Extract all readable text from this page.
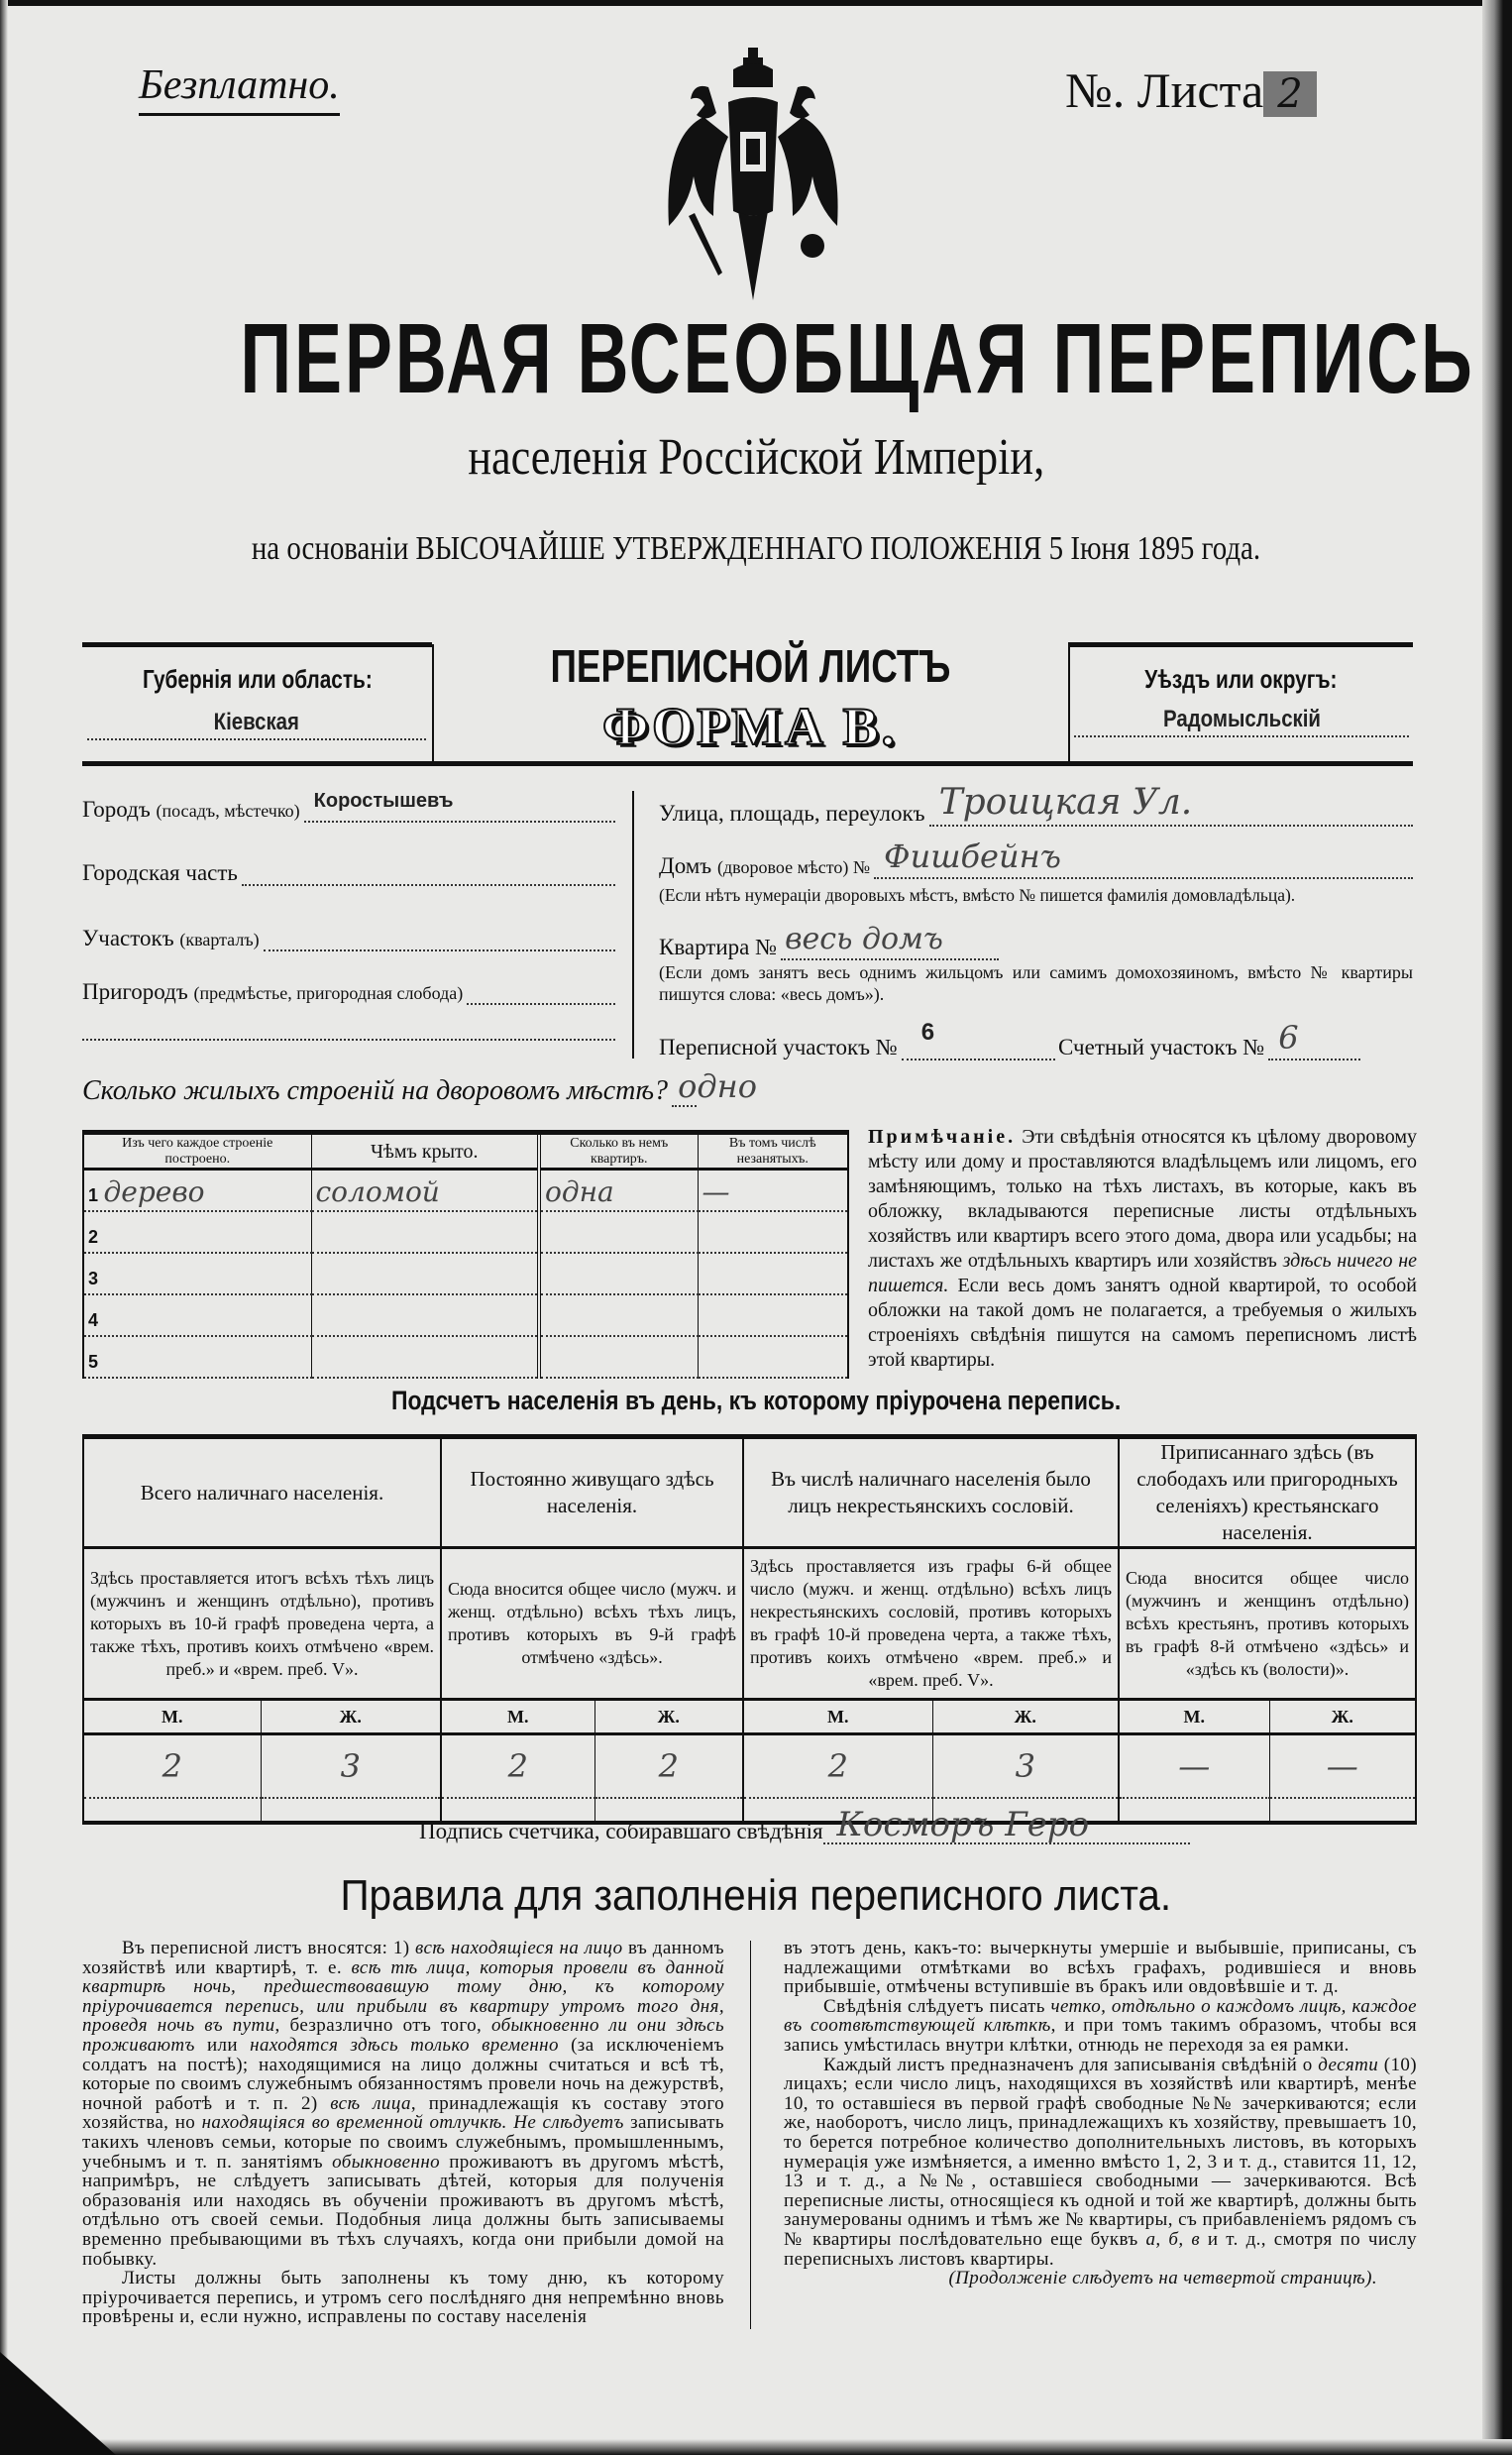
Безплатно.	№. Листа 2
ПЕРВАЯ ВСЕОБЩАЯ ПЕРЕПИСЬ
населенія Россійской Имперіи,
на основаніи ВЫСОЧАЙШЕ УТВЕРЖДЕННАГО ПОЛОЖЕНІЯ 5 Іюня 1895 года.
Губернія или область:
Кіевская
ПЕРЕПИСНОЙ ЛИСТЪ
ФОРМА В.
Уѣздъ или округъ:
Радомысльскій
Городъ (посадъ, мѣстечко) Коростышевъ
Городская часть
Участокъ (кварталъ)
Пригородъ (предмѣстье, пригородная слобода)
Улица, площадь, переулокъ Троицкая Ул.
Домъ (дворовое мѣсто) № Фишбейнъ
(Если нѣтъ нумераціи дворовыхъ мѣстъ, вмѣсто № пишется фамилія домовладѣльца).
Квартира № весь домъ
(Если домъ занятъ весь однимъ жильцомъ или самимъ домохозяиномъ, вмѣсто № квартиры пишутся слова: «весь домъ»).
Переписной участокъ №
6
Счетный участокъ № 6
Сколько жилыхъ строеній на дворовомъ мѣстѣ? одно
Изъ чего каждое строеніе построено.	Чѣмъ крыто.	Сколько въ немъ квартиръ.	Въ томъ числѣ незанятыхъ.
1 дерево	соломой	одна	—
2			
3			
4			
5			
Примѣчаніе. Эти свѣдѣнія относятся къ цѣлому дворовому мѣсту или дому и проставляются владѣльцемъ или лицомъ, его замѣняющимъ, только на тѣхъ листахъ, въ которые, какъ въ обложку, вкладываются переписные листы отдѣльныхъ хозяйствъ или квартиръ всего этого дома, двора или усадьбы; на листахъ же отдѣльныхъ квартиръ или хозяйствъ здѣсь ничего не пишется. Если весь домъ занятъ одной квартирой, то особой обложки на такой домъ не полагается, а требуемыя о жилыхъ строеніяхъ свѣдѣнія пишутся на самомъ переписномъ листѣ этой квартиры.
Подсчетъ населенія въ день, къ которому пріурочена перепись.
Всего наличнаго населенія.		Постоянно живущаго здѣсь населенія.		Въ числѣ наличнаго населенія было лицъ некрестьянскихъ сословій.		Приписаннаго здѣсь (въ слободахъ или пригородныхъ селеніяхъ) крестьянскаго населенія.	
Здѣсь проставляется итогъ всѣхъ тѣхъ лицъ (мужчинъ и женщинъ отдѣльно), противъ которыхъ въ 10-й графѣ проведена черта, а также тѣхъ, противъ коихъ отмѣчено «врем. преб.» и «врем. преб. V».		Сюда вносится общее число (мужч. и женщ. отдѣльно) всѣхъ тѣхъ лицъ, противъ которыхъ въ 9-й графѣ отмѣчено «здѣсь».		Здѣсь проставляется изъ графы 6-й общее число (мужч. и женщ. отдѣльно) всѣхъ лицъ некрестьянскихъ сословій, противъ которыхъ въ графѣ 10-й проведена черта, а также тѣхъ, противъ коихъ отмѣчено «врем. преб.» и «врем. преб. V».		Сюда вносится общее число (мужчинъ и женщинъ отдѣльно) всѣхъ крестьянъ, противъ которыхъ въ графѣ 8-й отмѣчено «здѣсь» и «здѣсь къ (волости)».	
М.	Ж.	М.	Ж.	М.	Ж.	М.	Ж.
2	3	2	2	2	3	—	—

Подпись счетчика, собиравшаго свѣдѣнія Косморъ Геро
Правила для заполненія переписного листа.

Въ переписной листъ вносятся: 1) всѣ находящіеся на лицо въ данномъ хозяйствѣ или квартирѣ, т. е. всѣ тѣ лица, которыя провели въ данной квартирѣ ночь, предшествовавшую тому дню, къ которому пріурочивается перепись, или прибыли въ квартиру утромъ того дня, проведя ночь въ пути, безразлично отъ того, обыкновенно ли они здѣсь проживаютъ или находятся здѣсь только временно (за исключеніемъ солдатъ на постѣ); находящимися на лицо должны считаться и всѣ тѣ, которые по своимъ служебнымъ обязанностямъ провели ночь на дежурствѣ, ночной работѣ и т. п. 2) всѣ лица, принадлежащія къ составу этого хозяйства, но находящіяся во временной отлучкѣ. Не слѣдуетъ записывать такихъ членовъ семьи, которые по своимъ служебнымъ, промышленнымъ, учебнымъ и т. п. занятіямъ обыкновенно проживаютъ въ другомъ мѣстѣ, напримѣръ, не слѣдуетъ записывать дѣтей, которыя для полученія образованія или находясь въ обученіи проживаютъ въ другомъ мѣстѣ, отдѣльно отъ своей семьи. Подобныя лица должны быть записываемы временно пребывающими въ тѣхъ случаяхъ, когда они прибыли домой на побывку.

Листы должны быть заполнены къ тому дню, къ которому пріурочивается перепись, и утромъ сего послѣдняго дня непремѣнно вновь провѣрены и, если нужно, исправлены по составу населенія

въ этотъ день, какъ-то: вычеркнуты умершіе и выбывшіе, приписаны, съ надлежащими отмѣтками во всѣхъ графахъ, родившіеся и вновь прибывшіе, отмѣчены вступившіе въ бракъ или овдовѣвшіе и т. д.

Свѣдѣнія слѣдуетъ писать четко, отдѣльно о каждомъ лицѣ, каждое въ соотвѣтствующей клѣткѣ, и при томъ такимъ образомъ, чтобы вся запись умѣстилась внутри клѣтки, отнюдь не переходя за ея рамки.

Каждый листъ предназначенъ для записыванія свѣдѣній о десяти (10) лицахъ; если число лицъ, находящихся въ хозяйствѣ или квартирѣ, менѣе 10, то оставшіеся въ первой графѣ свободные №№ зачеркиваются; если же, наоборотъ, число лицъ, принадлежащихъ къ хозяйству, превышаетъ 10, то берется потребное количество дополнительныхъ листовъ, въ которыхъ нумерація уже измѣняется, а именно вмѣсто 1, 2, 3 и т. д., ставится 11, 12, 13 и т. д., а №№, оставшіеся свободными — зачеркиваются. Всѣ переписные листы, относящіеся къ одной и той же квартирѣ, должны быть занумерованы однимъ и тѣмъ же № квартиры, съ прибавленіемъ рядомъ съ № квартиры послѣдовательно еще буквъ а, б, в и т. д., смотря по числу переписныхъ листовъ квартиры.

(Продолженіе слѣдуетъ на четвертой страницѣ).
